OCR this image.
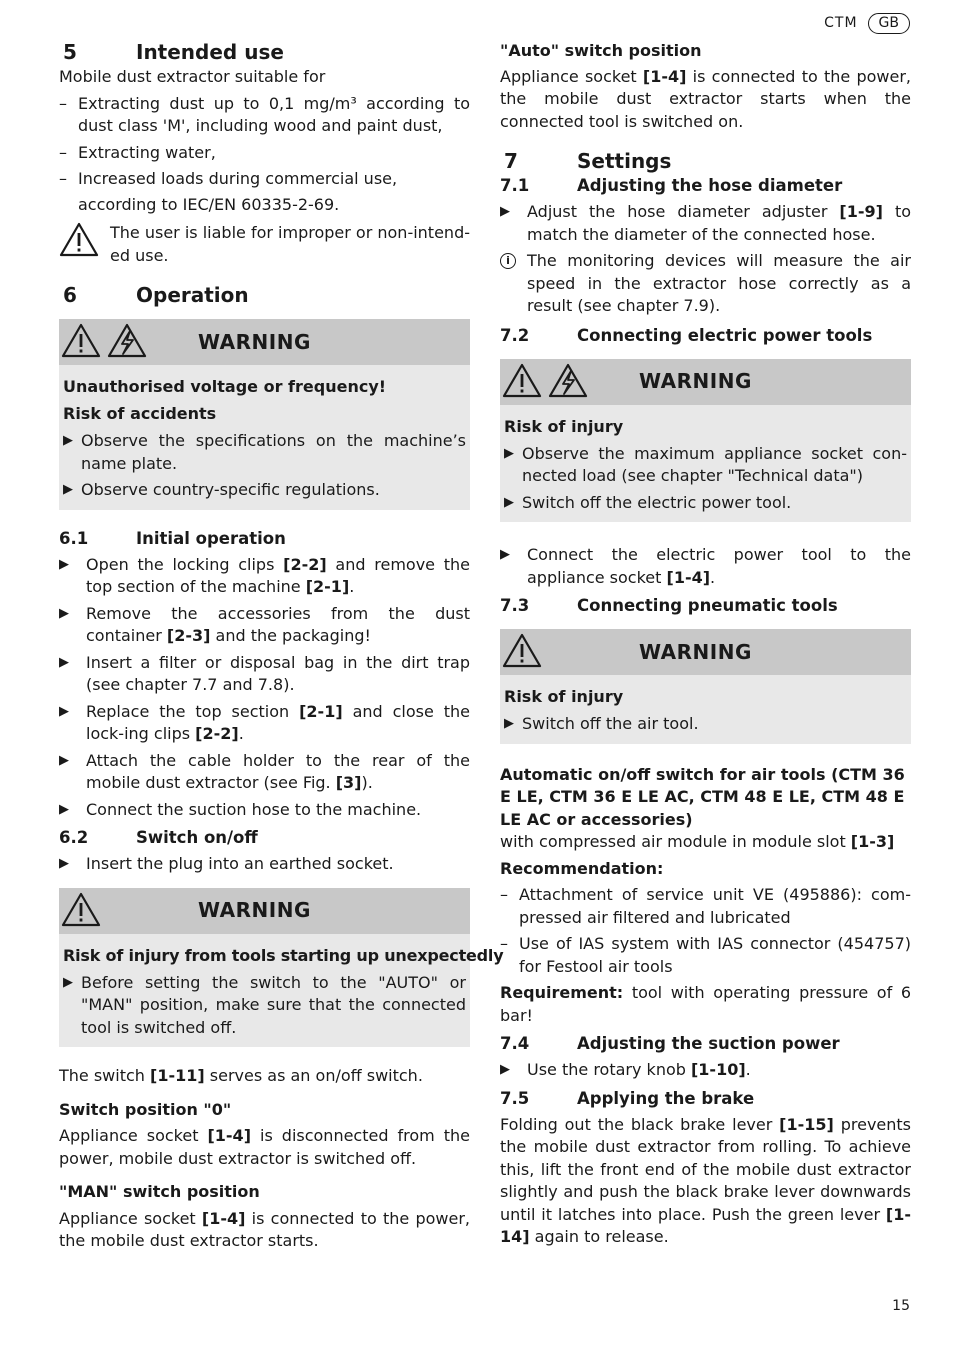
CTM	GB
5	Intended use

Mobile dust extractor suitable for

– Extracting dust up to 0,1 mg/m³ according to dust class 'M', including wood and paint dust,
– Extracting water,
– Increased loads during commercial use,
according to IEC/EN 60335-2-69.
The user is liable for improper or non-intend-ed use.
6	Operation
WARNING
Unauthorised voltage or frequency!
Risk of accidents
▶ Observe the specifications on the machine’s name plate.
▶ Observe country-specific regulations.
6.1	Initial operation
▶	Open the locking clips [2-2] and remove the top section of the machine [2-1].
▶	Remove the accessories from the dust container [2-3] and the packaging!
▶	Insert a filter or disposal bag in the dirt trap (see chapter 7.7 and 7.8).
▶	Replace the top section [2-1] and close the lock-ing clips [2-2].
▶	Attach the cable holder to the rear of the mobile dust extractor (see Fig. [3]).
▶	Connect the suction hose to the machine.
6.2	Switch on/off
▶	Insert the plug into an earthed socket.
WARNING
Risk of injury from tools starting up unexpectedly
▶ Before setting the switch to the "AUTO" or "MAN" position, make sure that the connected tool is switched off.

The switch [1-11] serves as an on/off switch.

Switch position "0"

Appliance socket [1-4] is disconnected from the power, mobile dust extractor is switched off.

"MAN" switch position

Appliance socket [1-4] is connected to the power, the mobile dust extractor starts.

"Auto" switch position

Appliance socket [1-4] is connected to the power, the mobile dust extractor starts when the connected tool is switched on.

7	Settings
7.1	Adjusting the hose diameter
▶	Adjust the hose diameter adjuster [1-9] to match the diameter of the connected hose.
i	The monitoring devices will measure the air speed in the extractor hose correctly as a result (see chapter 7.9).
7.2	Connecting electric power tools
WARNING
Risk of injury
▶ Observe the maximum appliance socket con-nected load (see chapter "Technical data")
▶ Switch off the electric power tool.
▶	Connect the electric power tool to the appliance socket [1-4].
7.3	Connecting pneumatic tools
WARNING
Risk of injury
▶ Switch off the air tool.
Automatic on/off switch for air tools (CTM 36 E LE, CTM 36 E LE AC, CTM 48 E LE, CTM 48 E LE AC or accessories)

with compressed air module in module slot [1-3]

Recommendation:
– Attachment of service unit VE (495886): com-pressed air filtered and lubricated
– Use of IAS system with IAS connector (454757) for Festool air tools

Requirement: tool with operating pressure of 6 bar!

7.4	Adjusting the suction power
▶	Use the rotary knob [1-10].
7.5	Applying the brake

Folding out the black brake lever [1-15] prevents the mobile dust extractor from rolling. To achieve this, lift the front end of the mobile dust extractor slightly and push the black brake lever downwards until it latches into place. Push the green lever [1-14] again to release.

15
